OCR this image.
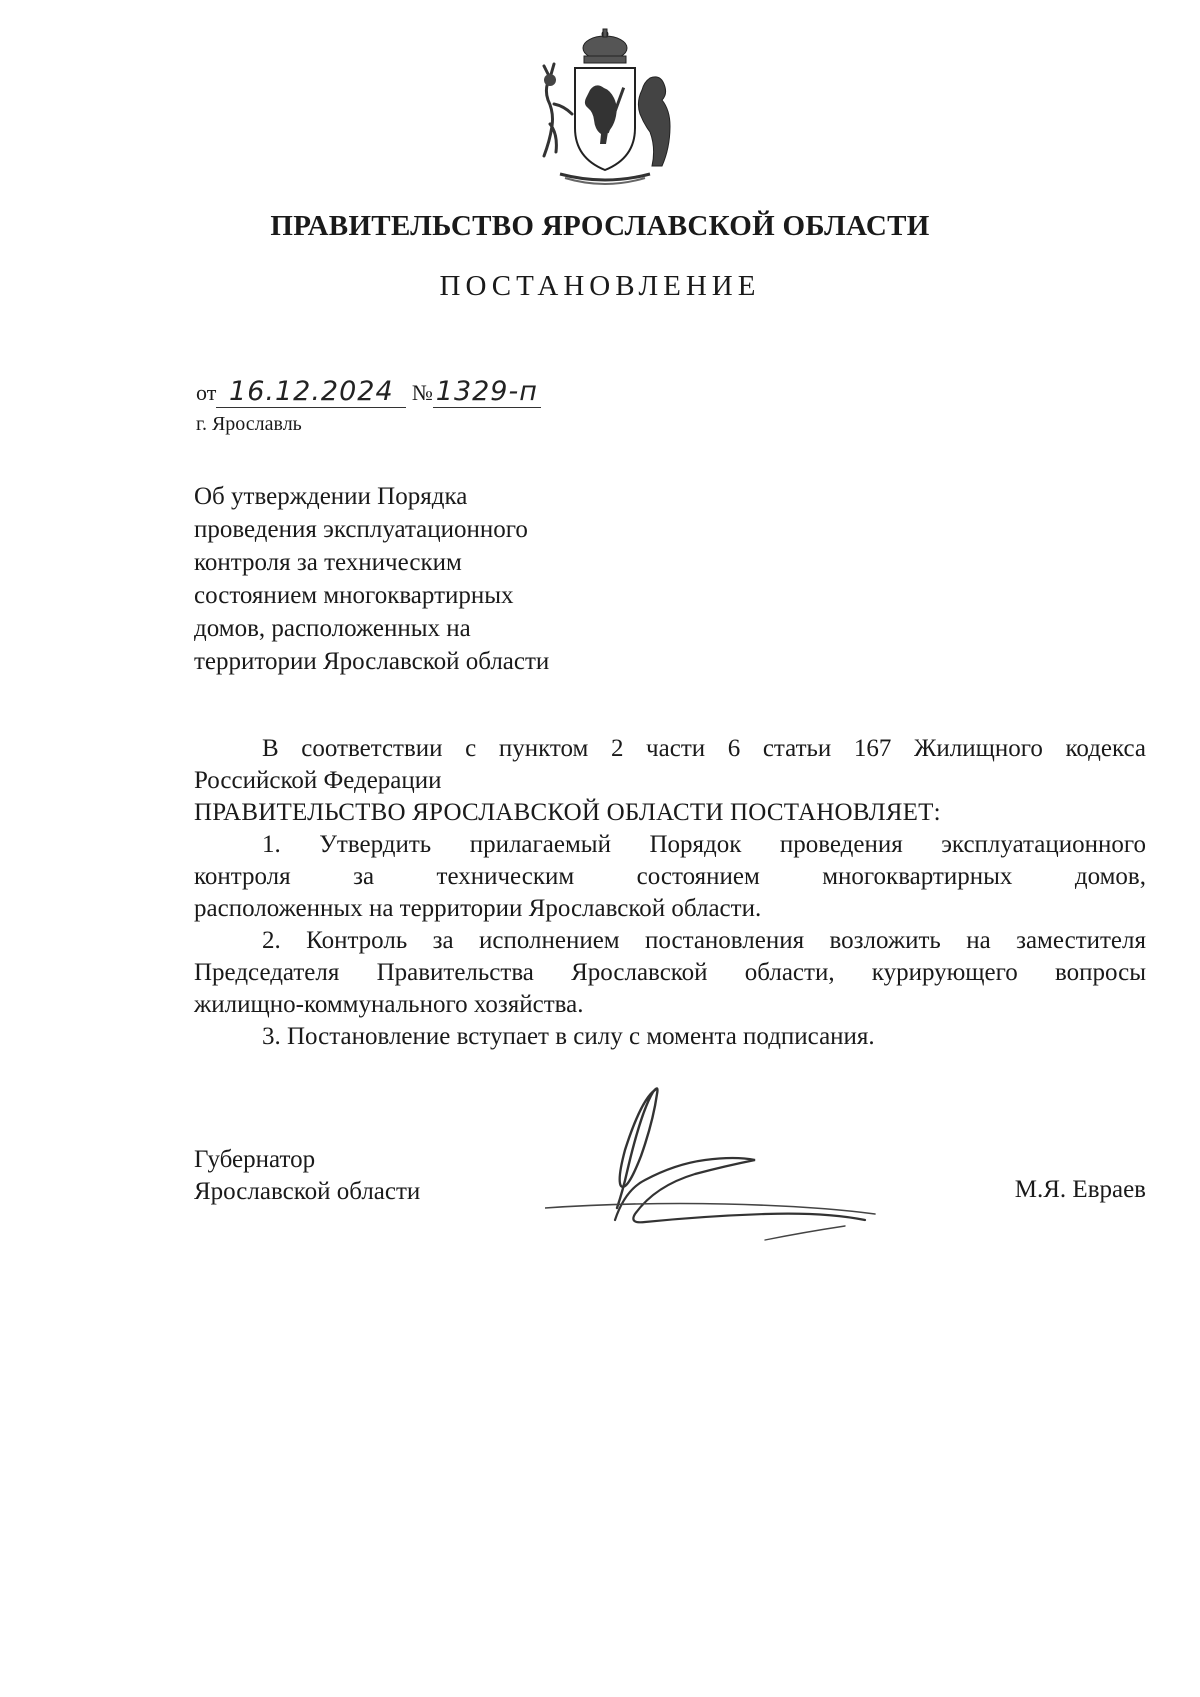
ПРАВИТЕЛЬСТВО ЯРОСЛАВСКОЙ ОБЛАСТИ
ПОСТАНОВЛЕНИЕ
от 16.12.2024 № 1329-п
г. Ярославль
Об утверждении Порядка
проведения эксплуатационного
контроля за техническим
состоянием многоквартирных
домов, расположенных на
территории Ярославской области
В соответствии с пунктом 2 части 6 статьи 167 Жилищного кодекса
Российской Федерации
ПРАВИТЕЛЬСТВО ЯРОСЛАВСКОЙ ОБЛАСТИ ПОСТАНОВЛЯЕТ:
1. Утвердить прилагаемый Порядок проведения эксплуатационного
контроля за техническим состоянием многоквартирных домов,
расположенных на территории Ярославской области.
2. Контроль за исполнением постановления возложить на заместителя
Председателя Правительства Ярославской области, курирующего вопросы
жилищно-коммунального хозяйства.
3. Постановление вступает в силу с момента подписания.
Губернатор
Ярославской области	М.Я. Евраев
